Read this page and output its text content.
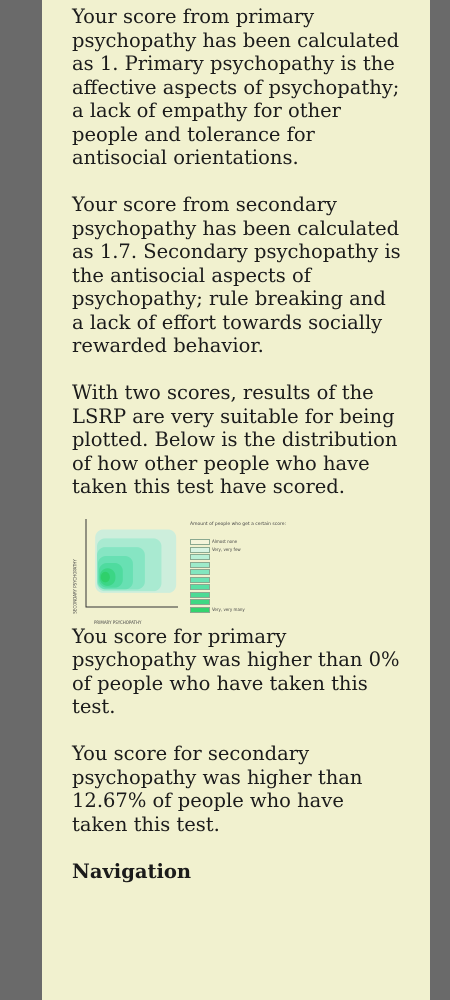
Your score from primary psychopathy has been calculated as 1. Primary psychopathy is the affective aspects of psychopathy; a lack of empathy for other people and tolerance for antisocial orientations.

Your score from secondary psychopathy has been calculated as 1.7. Secondary psychopathy is the antisocial aspects of psychopathy; rule breaking and a lack of effort towards socially rewarded behavior.

With two scores, results of the LSRP are very suitable for being plotted. Below is the distribution of how other people who have taken this test have scored.

SECONDARY PSYCHOPATHY
PRIMARY PSYCHOPATHY
Amount of people who get a certain score:
Almost none
Very, very few
Very, very many

You score for primary psychopathy was higher than 0% of people who have taken this test.

You score for secondary psychopathy was higher than 12.67% of people who have taken this test.

Navigation
